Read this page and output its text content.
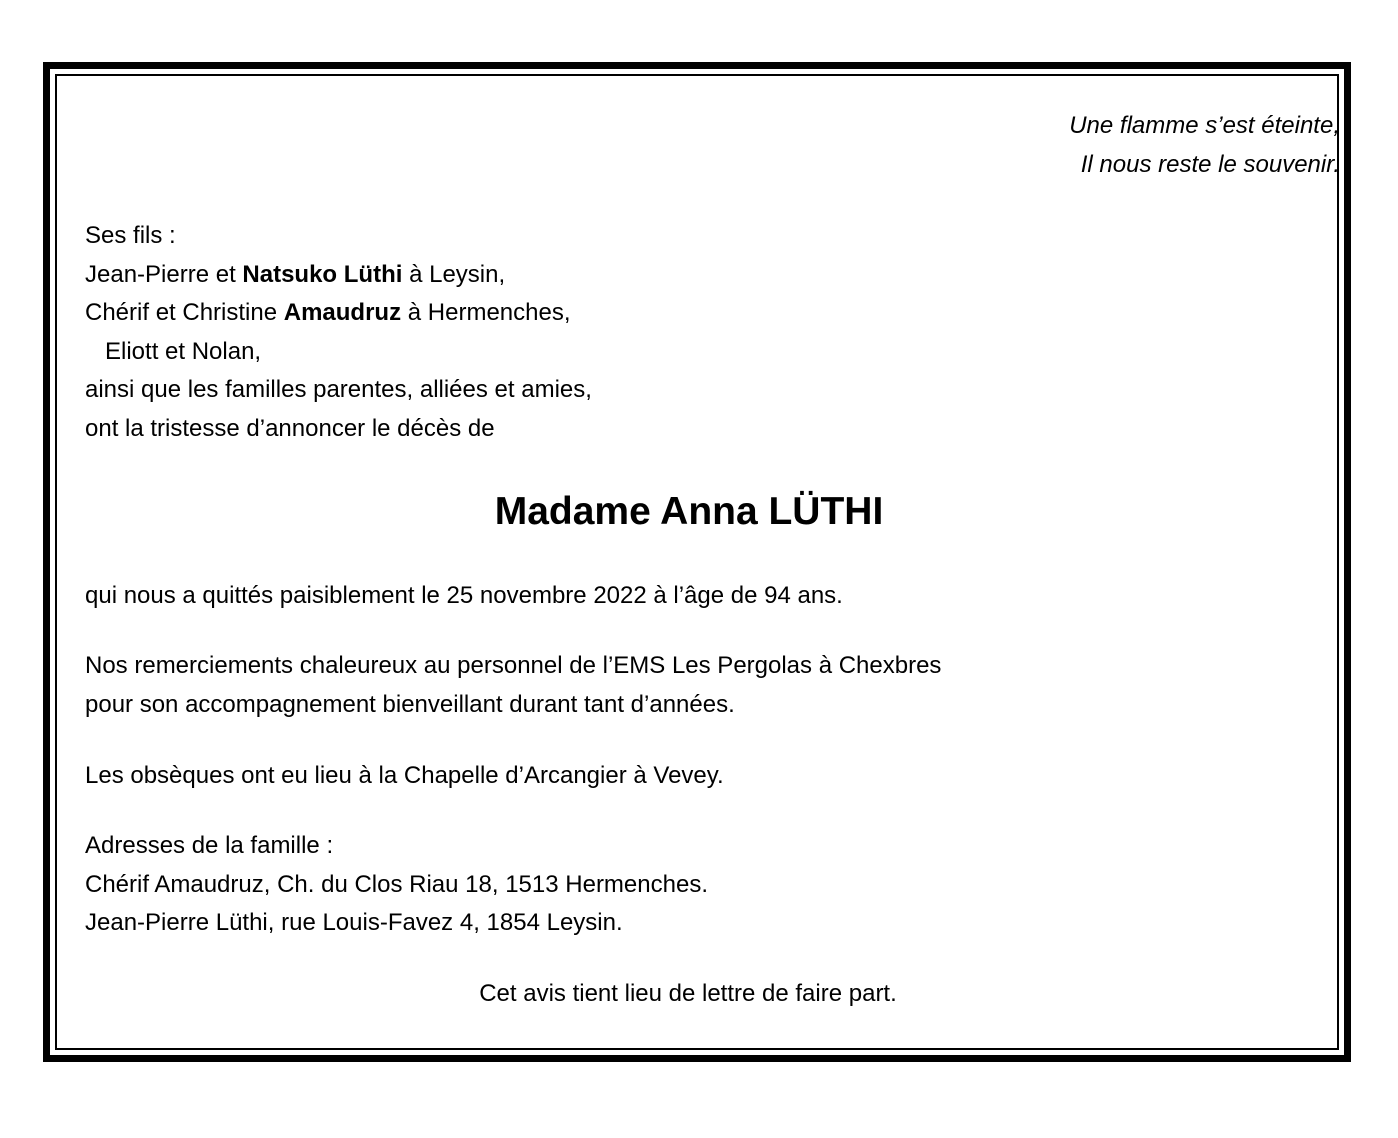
Une flamme s’est éteinte,
Il nous reste le souvenir.
Ses fils :
Jean-Pierre et Natsuko Lüthi à Leysin,
Chérif et Christine Amaudruz à Hermenches,
Eliott et Nolan,
ainsi que les familles parentes, alliées et amies,
ont la tristesse d’annoncer le décès de
Madame Anna LÜTHI
qui nous a quittés paisiblement le 25 novembre 2022 à l’âge de 94 ans.
Nos remerciements chaleureux au personnel de l’EMS Les Pergolas à Chexbres
pour son accompagnement bienveillant durant tant d’années.
Les obsèques ont eu lieu à la Chapelle d’Arcangier à Vevey.
Adresses de la famille :
Chérif Amaudruz, Ch. du Clos Riau 18, 1513 Hermenches.
Jean-Pierre Lüthi, rue Louis-Favez 4, 1854 Leysin.
Cet avis tient lieu de lettre de faire part.
